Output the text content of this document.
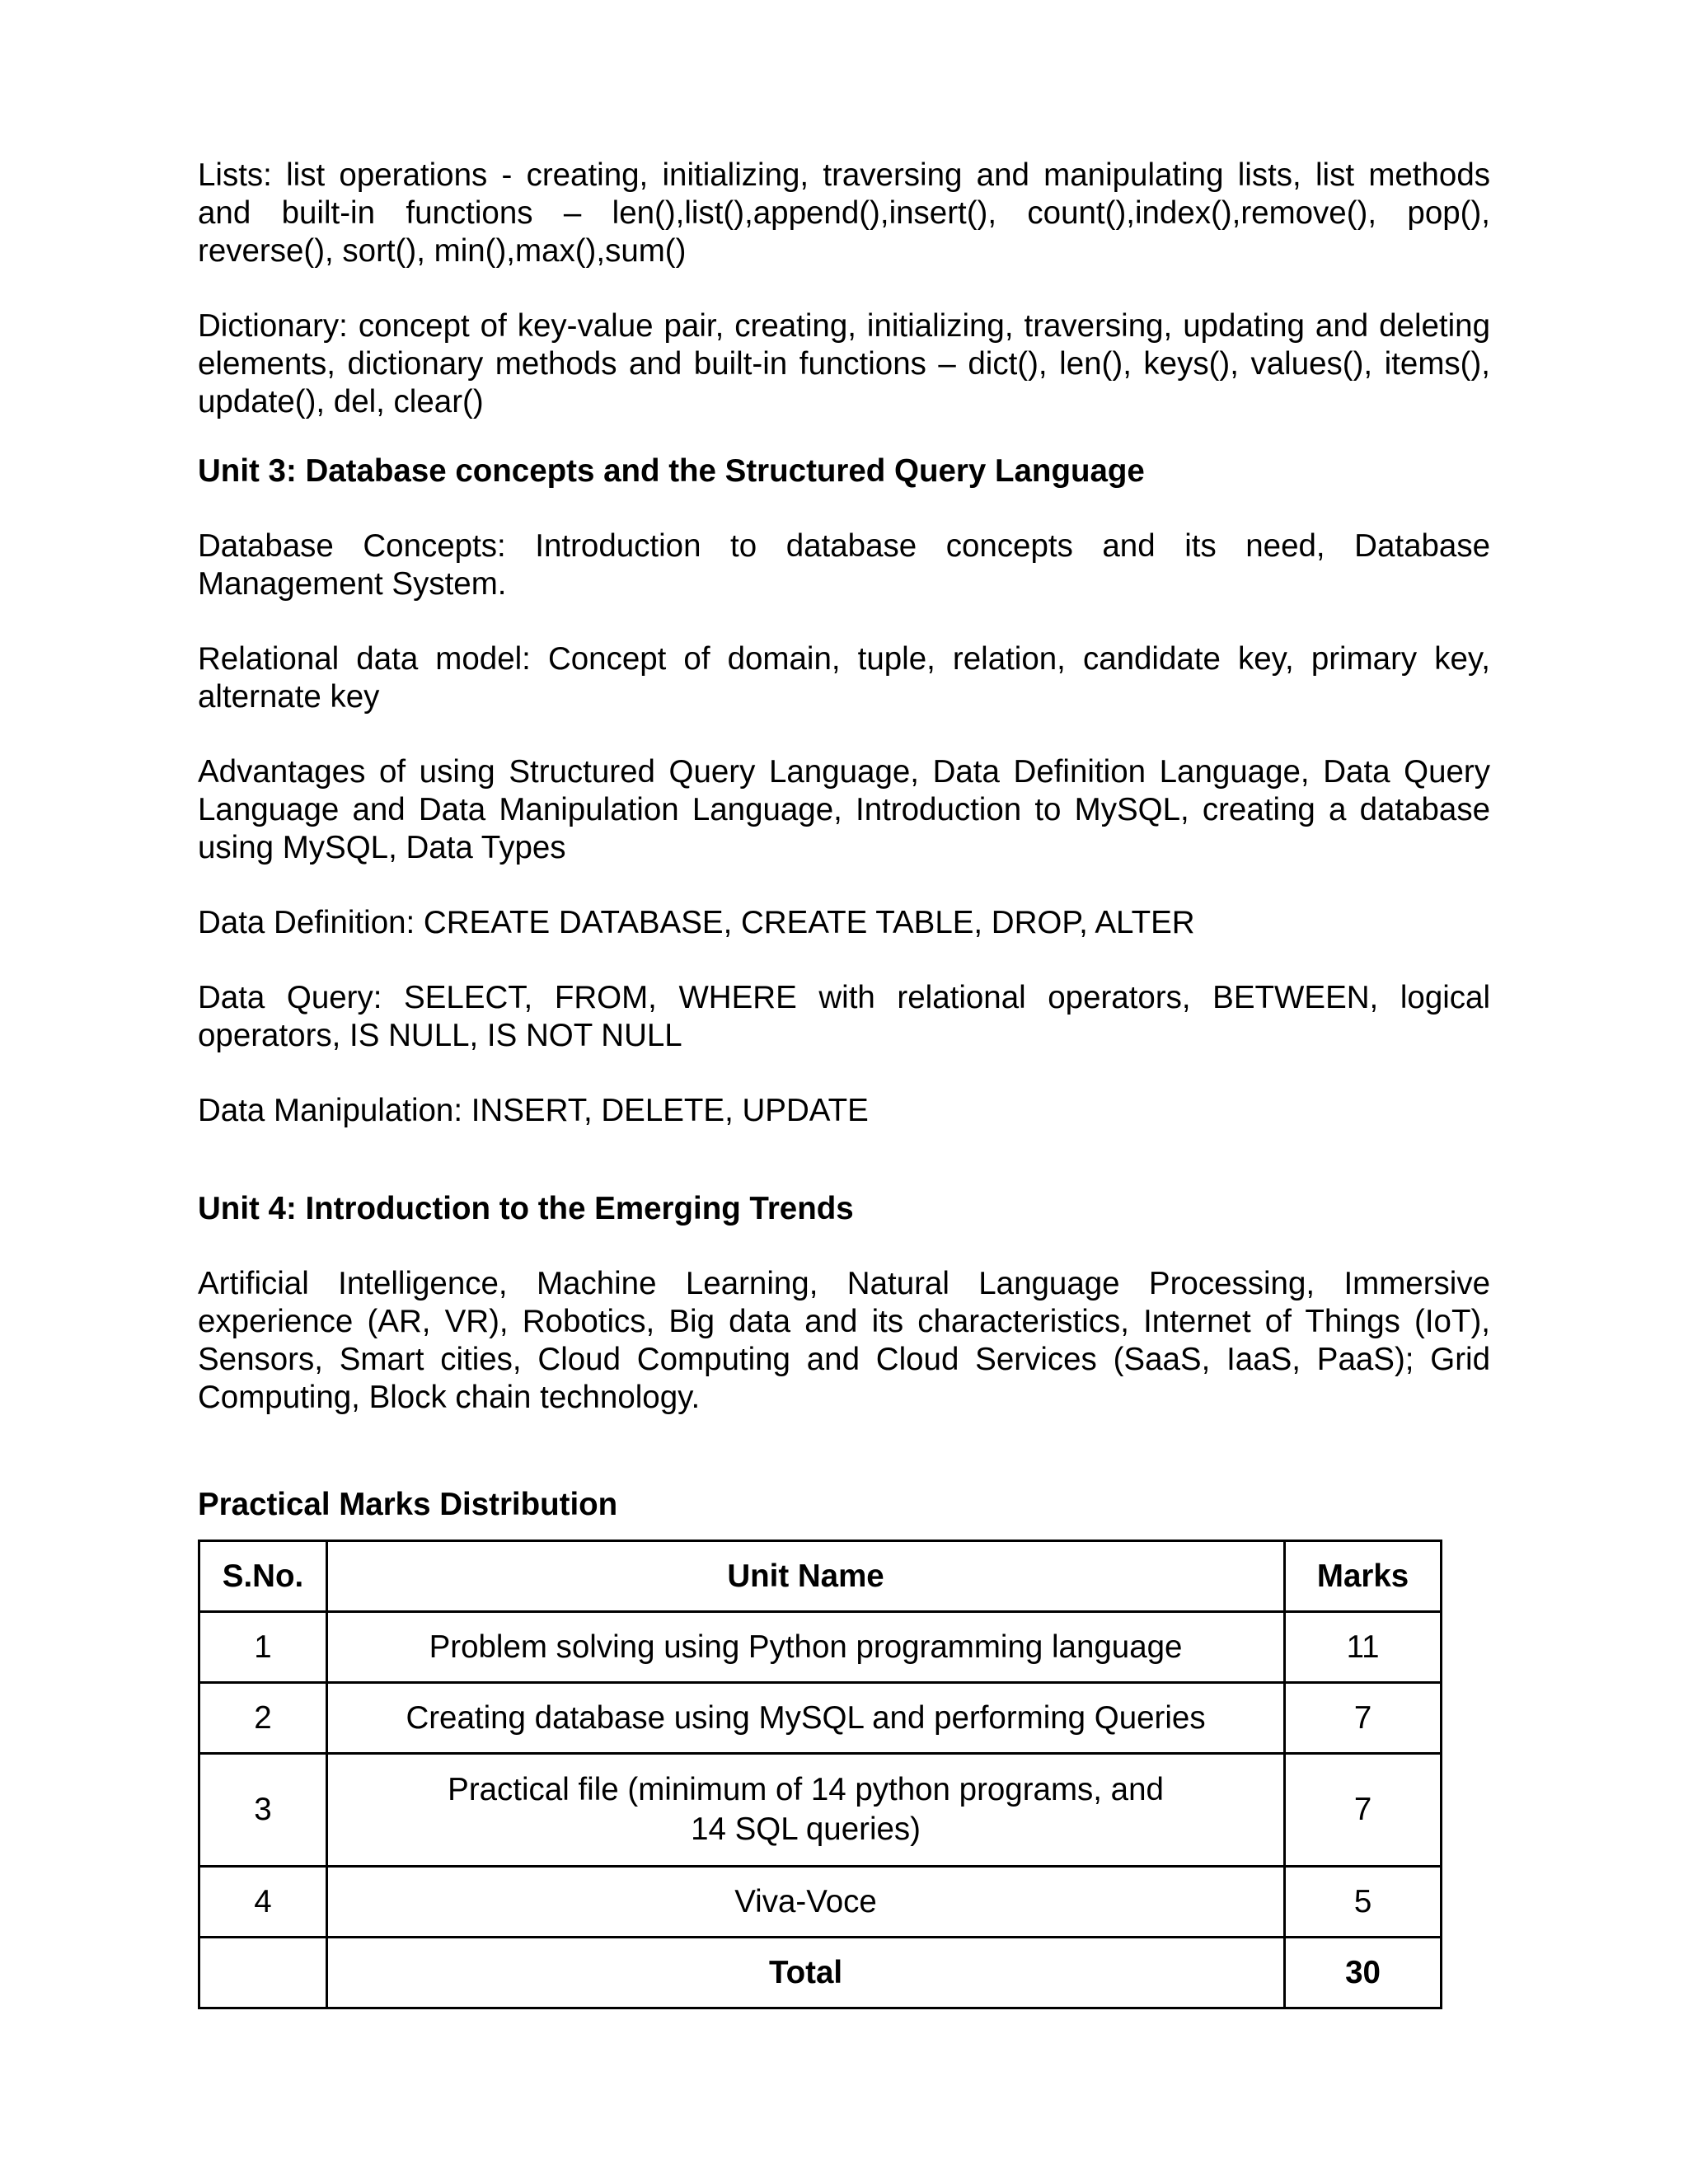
Lists: list operations - creating, initializing, traversing and manipulating lists, list methods and built-in functions – len(),list(),append(),insert(), count(),index(),remove(), pop(), reverse(), sort(), min(),max(),sum()

Dictionary: concept of key-value pair, creating, initializing, traversing, updating and deleting elements, dictionary methods and built-in functions – dict(), len(), keys(), values(), items(), update(), del, clear()

Unit 3: Database concepts and the Structured Query Language

Database Concepts: Introduction to database concepts and its need, Database Management System.

Relational data model: Concept of domain, tuple, relation, candidate key, primary key, alternate key

Advantages of using Structured Query Language, Data Definition Language, Data Query Language and Data Manipulation Language, Introduction to MySQL, creating a database using MySQL, Data Types

Data Definition: CREATE DATABASE, CREATE TABLE, DROP, ALTER

Data Query: SELECT, FROM, WHERE with relational operators, BETWEEN, logical operators, IS NULL, IS NOT NULL

Data Manipulation: INSERT, DELETE, UPDATE

Unit 4: Introduction to the Emerging Trends

Artificial Intelligence, Machine Learning, Natural Language Processing, Immersive experience (AR, VR), Robotics, Big data and its characteristics, Internet of Things (IoT), Sensors, Smart cities, Cloud Computing and Cloud Services (SaaS, IaaS, PaaS); Grid Computing, Block chain technology.

Practical Marks Distribution

S.No.	Unit Name	Marks
1	Problem solving using Python programming language	11
2	Creating database using MySQL and performing Queries	7
3	Practical file (minimum of 14 python programs, and 14 SQL queries)	7
4	Viva-Voce	5
	Total	30
